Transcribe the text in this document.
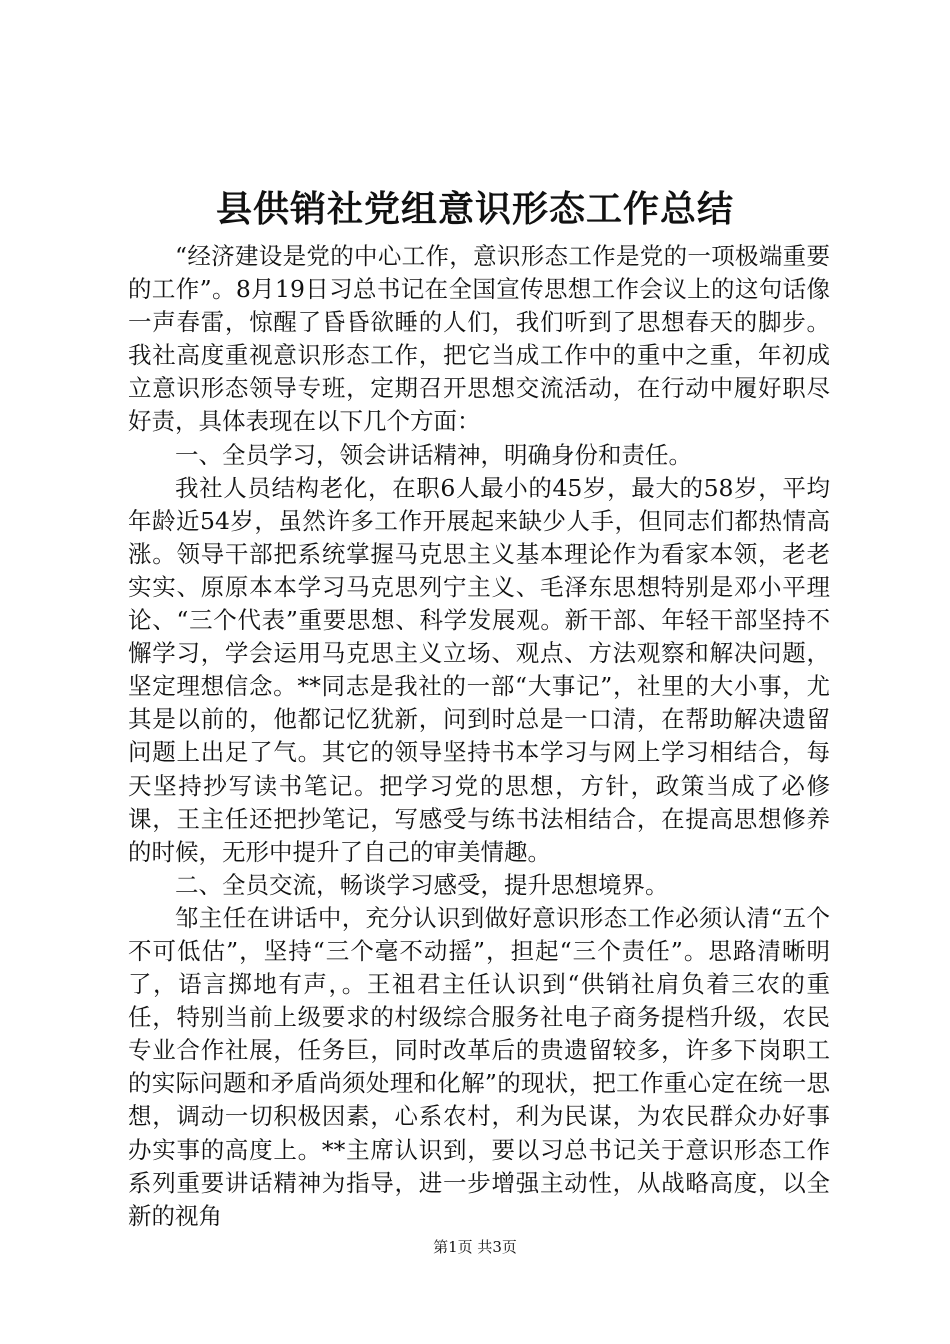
县供销社党组意识形态工作总结

“经济建设是党的中心工作，意识形态工作是党的一项极端重要的工作”。8月19日习总书记在全国宣传思想工作会议上的这句话像一声春雷，惊醒了昏昏欲睡的人们，我们听到了思想春天的脚步。我社高度重视意识形态工作，把它当成工作中的重中之重，年初成立意识形态领导专班，定期召开思想交流活动，在行动中履好职尽好责，具体表现在以下几个方面：

一、全员学习，领会讲话精神，明确身份和责任。

我社人员结构老化，在职6人最小的45岁，最大的58岁，平均年龄近54岁，虽然许多工作开展起来缺少人手，但同志们都热情高涨。领导干部把系统掌握马克思主义基本理论作为看家本领，老老实实、原原本本学习马克思列宁主义、毛泽东思想特别是邓小平理论、“三个代表”重要思想、科学发展观。新干部、年轻干部坚持不懈学习，学会运用马克思主义立场、观点、方法观察和解决问题，坚定理想信念。**同志是我社的一部“大事记”，社里的大小事，尤其是以前的，他都记忆犹新，问到时总是一口清，在帮助解决遗留问题上出足了气。其它的领导坚持书本学习与网上学习相结合，每天坚持抄写读书笔记。把学习党的思想，方针，政策当成了必修课，王主任还把抄笔记，写感受与练书法相结合，在提高思想修养的时候，无形中提升了自己的审美情趣。

二、全员交流，畅谈学习感受，提升思想境界。

邹主任在讲话中，充分认识到做好意识形态工作必须认清“五个不可低估”，坚持“三个毫不动摇”，担起“三个责任”。思路清晰明了，语言掷地有声，。王祖君主任认识到“供销社肩负着三农的重任，特别当前上级要求的村级综合服务社电子商务提档升级，农民专业合作社展，任务巨，同时改革后的贵遗留较多，许多下岗职工的实际问题和矛盾尚须处理和化解”的现状，把工作重心定在统一思想，调动一切积极因素，心系农村，利为民谋，为农民群众办好事办实事的高度上。**主席认识到，要以习总书记关于意识形态工作系列重要讲话精神为指导，进一步增强主动性，从战略高度，以全新的视角

第1页 共3页
